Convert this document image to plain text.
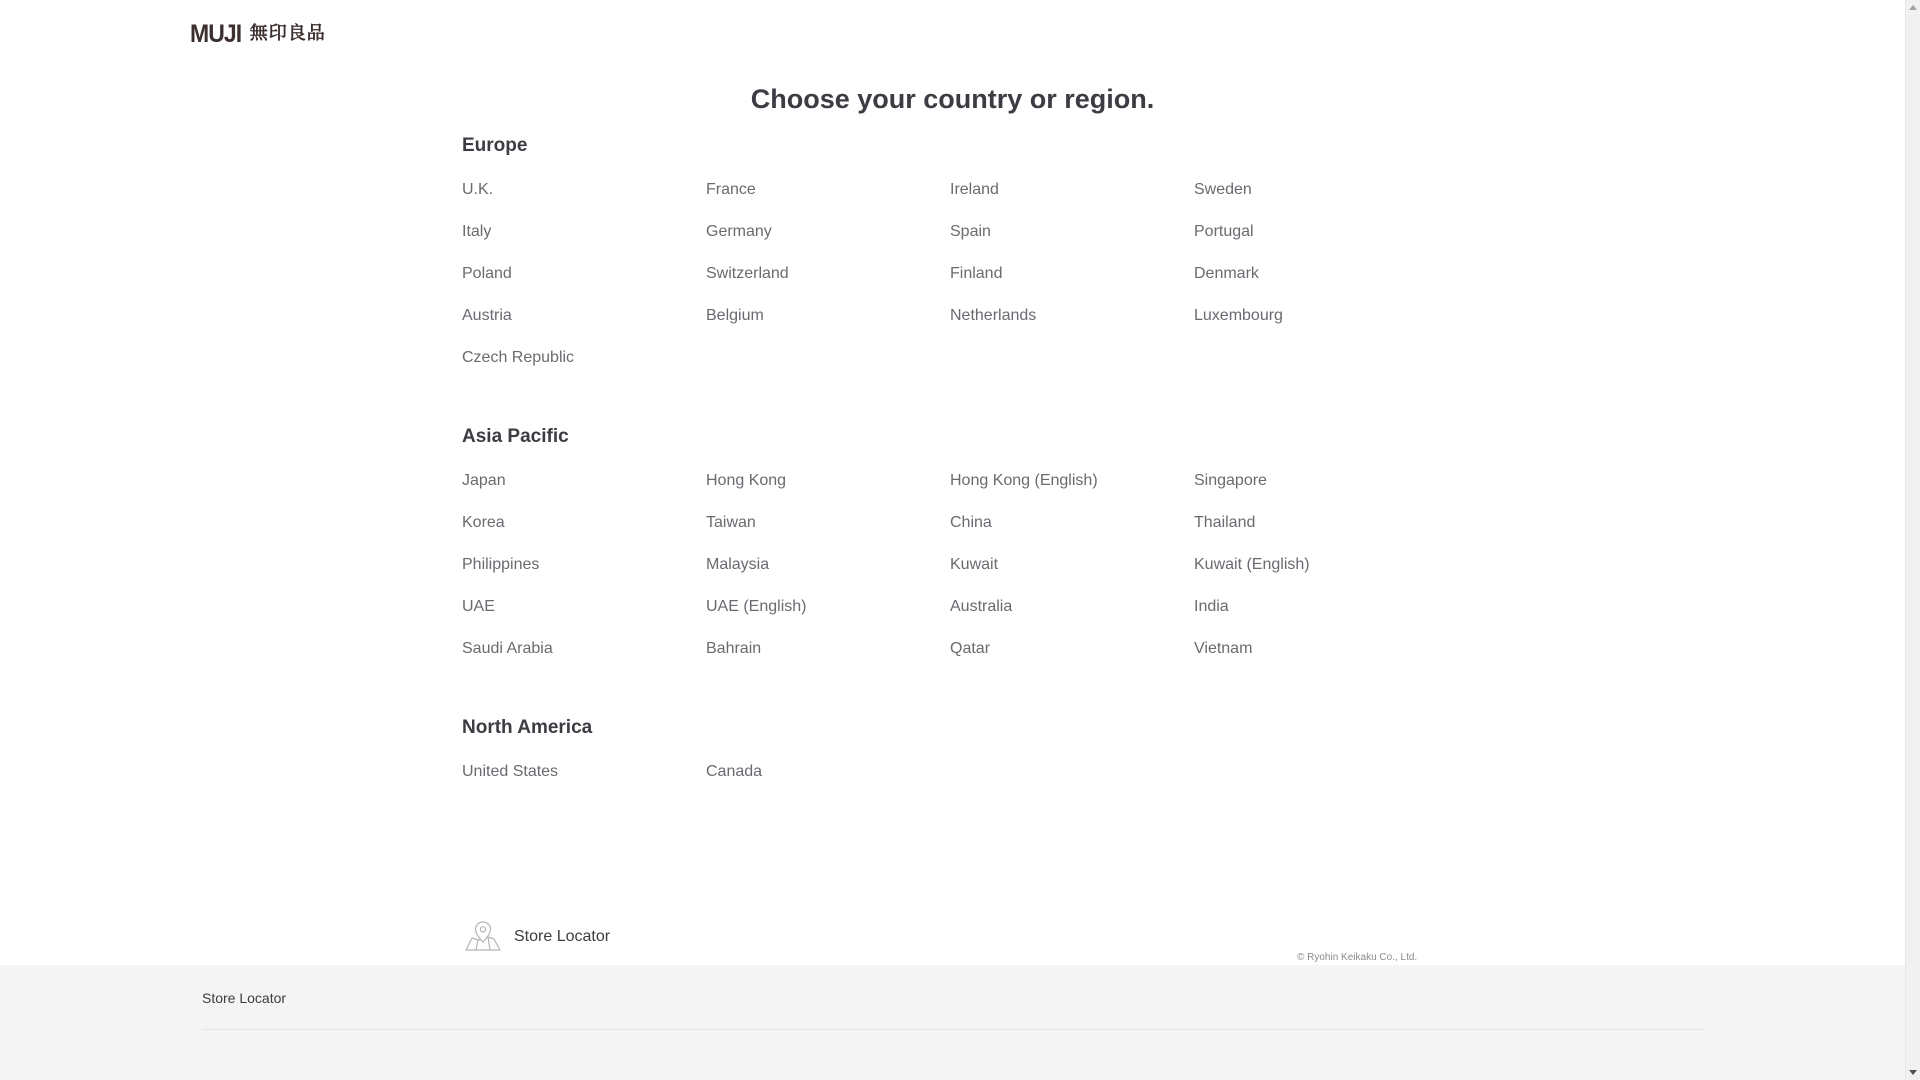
MUJI 無印良品
Choose your country or region.
Europe
U.K.	France	Ireland	Sweden
Italy	Germany	Spain	Portugal
Poland	Switzerland	Finland	Denmark
Austria	Belgium	Netherlands	Luxembourg
Czech Republic
Asia Pacific
Japan	Hong Kong	Hong Kong (English)	Singapore
Korea	Taiwan	China	Thailand
Philippines	Malaysia	Kuwait	Kuwait (English)
UAE	UAE (English)	Australia	India
Saudi Arabia	Bahrain	Qatar	Vietnam
North America
United States	Canada
Store Locator
© Ryohin Keikaku Co., Ltd.
Store Locator
